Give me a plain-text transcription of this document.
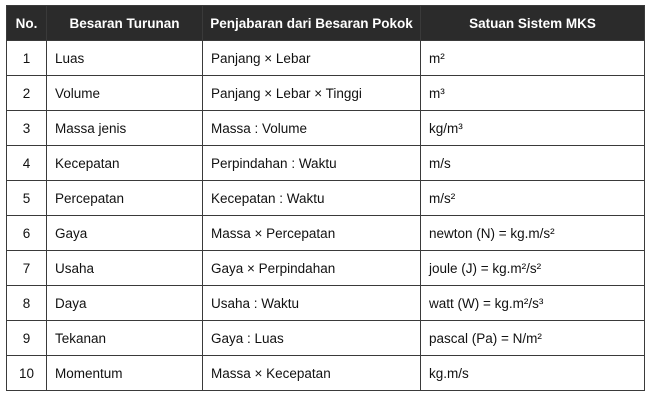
No.	Besaran Turunan	Penjabaran dari Besaran Pokok	Satuan Sistem MKS
1	Luas	Panjang × Lebar	m²
2	Volume	Panjang × Lebar × Tinggi	m³
3	Massa jenis	Massa : Volume	kg/m³
4	Kecepatan	Perpindahan : Waktu	m/s
5	Percepatan	Kecepatan : Waktu	m/s²
6	Gaya	Massa × Percepatan	newton (N) = kg.m/s²
7	Usaha	Gaya × Perpindahan	joule (J) = kg.m²/s²
8	Daya	Usaha : Waktu	watt (W) = kg.m²/s³
9	Tekanan	Gaya : Luas	pascal (Pa) = N/m²
10	Momentum	Massa × Kecepatan	kg.m/s
